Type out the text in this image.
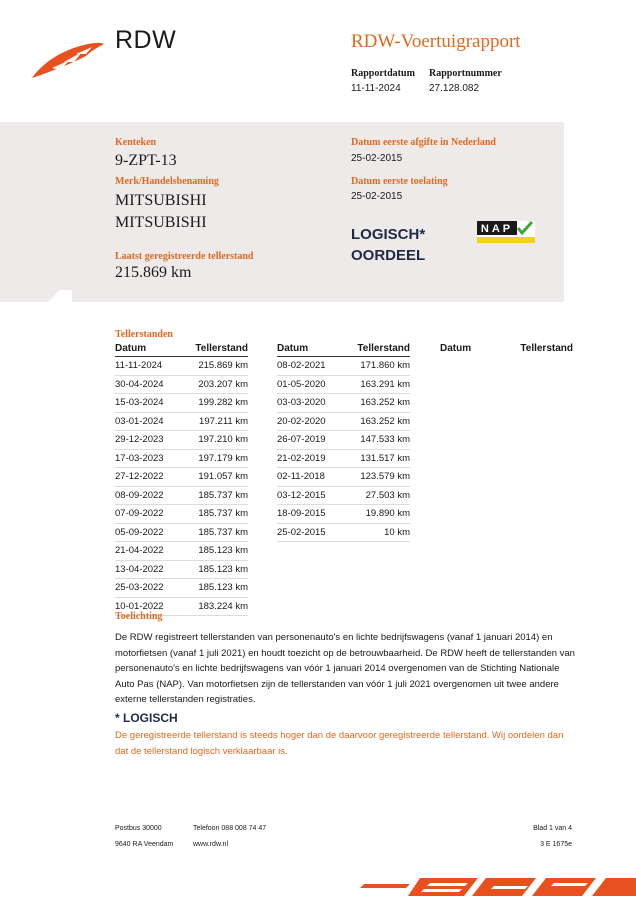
RDW	RDW-Voertuigrapport
Rapportdatum Rapportnummer
11-11-2024	27.128.082
Kenteken
9-ZPT-13
Merk/Handelsbenaming
MITSUBISHI
MITSUBISHI
Laatst geregistreerde tellerstand
215.869 km
Datum eerste afgifte in Nederland
25-02-2015
Datum eerste toelating
25-02-2015
LOGISCH*
OORDEEL
NAP
Tellerstanden
Datum	Tellerstand
11-11-2024	215.869 km
30-04-2024	203.207 km
15-03-2024	199.282 km
03-01-2024	197.211 km
29-12-2023	197.210 km
17-03-2023	197.179 km
27-12-2022	191.057 km
08-09-2022	185.737 km
07-09-2022	185.737 km
05-09-2022	185.737 km
21-04-2022	185.123 km
13-04-2022	185.123 km
25-03-2022	185.123 km
10-01-2022	183.224 km
Datum	Tellerstand
08-02-2021	171.860 km
01-05-2020	163.291 km
03-03-2020	163.252 km
20-02-2020	163.252 km
26-07-2019	147.533 km
21-02-2019	131.517 km
02-11-2018	123.579 km
03-12-2015	27.503 km
18-09-2015	19.890 km
25-02-2015	10 km
Datum	Tellerstand
Toelichting
De RDW registreert tellerstanden van personenauto's en lichte bedrijfswagens (vanaf 1 januari 2014) en motorfietsen (vanaf 1 juli 2021) en houdt toezicht op de betrouwbaarheid. De RDW heeft de tellerstanden van personenauto's en lichte bedrijfswagens van vóór 1 januari 2014 overgenomen van de Stichting Nationale Auto Pas (NAP). Van motorfietsen zijn de tellerstanden van vóór 1 juli 2021 overgenomen uit twee andere externe tellerstanden registraties.
* LOGISCH
De geregistreerde tellerstand is steeds hoger dan de daarvoor geregistreerde tellerstand. Wij oordelen dan dat de tellerstand logisch verklaarbaar is.
Postbus 30000
9640 RA Veendam
Telefoon 088 008 74 47
www.rdw.nl
Blad 1 van 4
3 E 1675e
